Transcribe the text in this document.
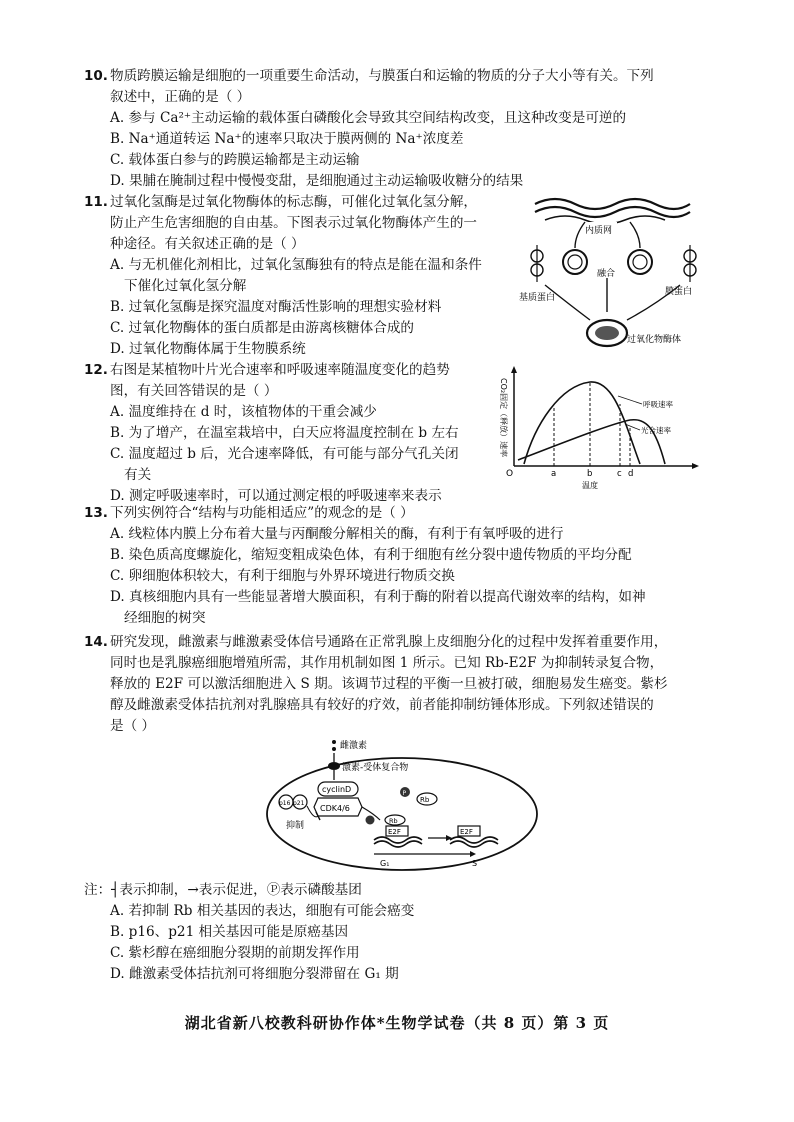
10. 物质跨膜运输是细胞的一项重要生命活动，与膜蛋白和运输的物质的分子大小等有关。下列
叙述中，正确的是（ ）
A. 参与 Ca²⁺主动运输的载体蛋白磷酸化会导致其空间结构改变，且这种改变是可逆的
B. Na⁺通道转运 Na⁺的速率只取决于膜两侧的 Na⁺浓度差
C. 载体蛋白参与的跨膜运输都是主动运输
D. 果脯在腌制过程中慢慢变甜，是细胞通过主动运输吸收糖分的结果
11. 过氧化氢酶是过氧化物酶体的标志酶，可催化过氧化氢分解，
防止产生危害细胞的自由基。下图表示过氧化物酶体产生的一
种途径。有关叙述正确的是（ ）
A. 与无机催化剂相比，过氧化氢酶独有的特点是能在温和条件
下催化过氧化氢分解
B. 过氧化氢酶是探究温度对酶活性影响的理想实验材料
C. 过氧化物酶体的蛋白质都是由游离核糖体合成的
D. 过氧化物酶体属于生物膜系统
内质网
融合
基质蛋白
膜蛋白
过氧化物酶体
12. 右图是某植物叶片光合速率和呼吸速率随温度变化的趋势
图，有关回答错误的是（ ）
A. 温度维持在 d 时，该植物体的干重会减少
B. 为了增产，在温室栽培中，白天应将温度控制在 b 左右
C. 温度超过 b 后，光合速率降低，有可能与部分气孔关闭
有关
D. 测定呼吸速率时，可以通过测定根的呼吸速率来表示
CO₂固定（释放）速率
O	a	b	c d
温度
呼吸速率
光合速率
13. 下列实例符合“结构与功能相适应”的观念的是（ ）
A. 线粒体内膜上分布着大量与丙酮酸分解相关的酶，有利于有氧呼吸的进行
B. 染色质高度螺旋化，缩短变粗成染色体，有利于细胞有丝分裂中遗传物质的平均分配
C. 卵细胞体积较大，有利于细胞与外界环境进行物质交换
D. 真核细胞内具有一些能显著增大膜面积，有利于酶的附着以提高代谢效率的结构，如神
经细胞的树突
14. 研究发现，雌激素与雌激素受体信号通路在正常乳腺上皮细胞分化的过程中发挥着重要作用，
同时也是乳腺癌细胞增殖所需，其作用机制如图 1 所示。已知 Rb-E2F 为抑制转录复合物，
释放的 E2F 可以激活细胞进入 S 期。该调节过程的平衡一旦被打破，细胞易发生癌变。紫杉
醇及雌激素受体拮抗剂对乳腺癌具有较好的疗效，前者能抑制纺锤体形成。下列叙述错误的
是（ ）
雌激素
激素-受体复合物
cyclinD
CDK4/6
p16 p21
抑制
P
Rb
Rb
E2F	E2F
G₁	S
注：┤表示抑制，→表示促进，Ⓟ表示磷酸基团
A. 若抑制 Rb 相关基因的表达，细胞有可能会癌变
B. p16、p21 相关基因可能是原癌基因
C. 紫杉醇在癌细胞分裂期的前期发挥作用
D. 雌激素受体拮抗剂可将细胞分裂滞留在 G₁ 期
湖北省新八校教科研协作体*生物学试卷（共 8 页）第 3 页
